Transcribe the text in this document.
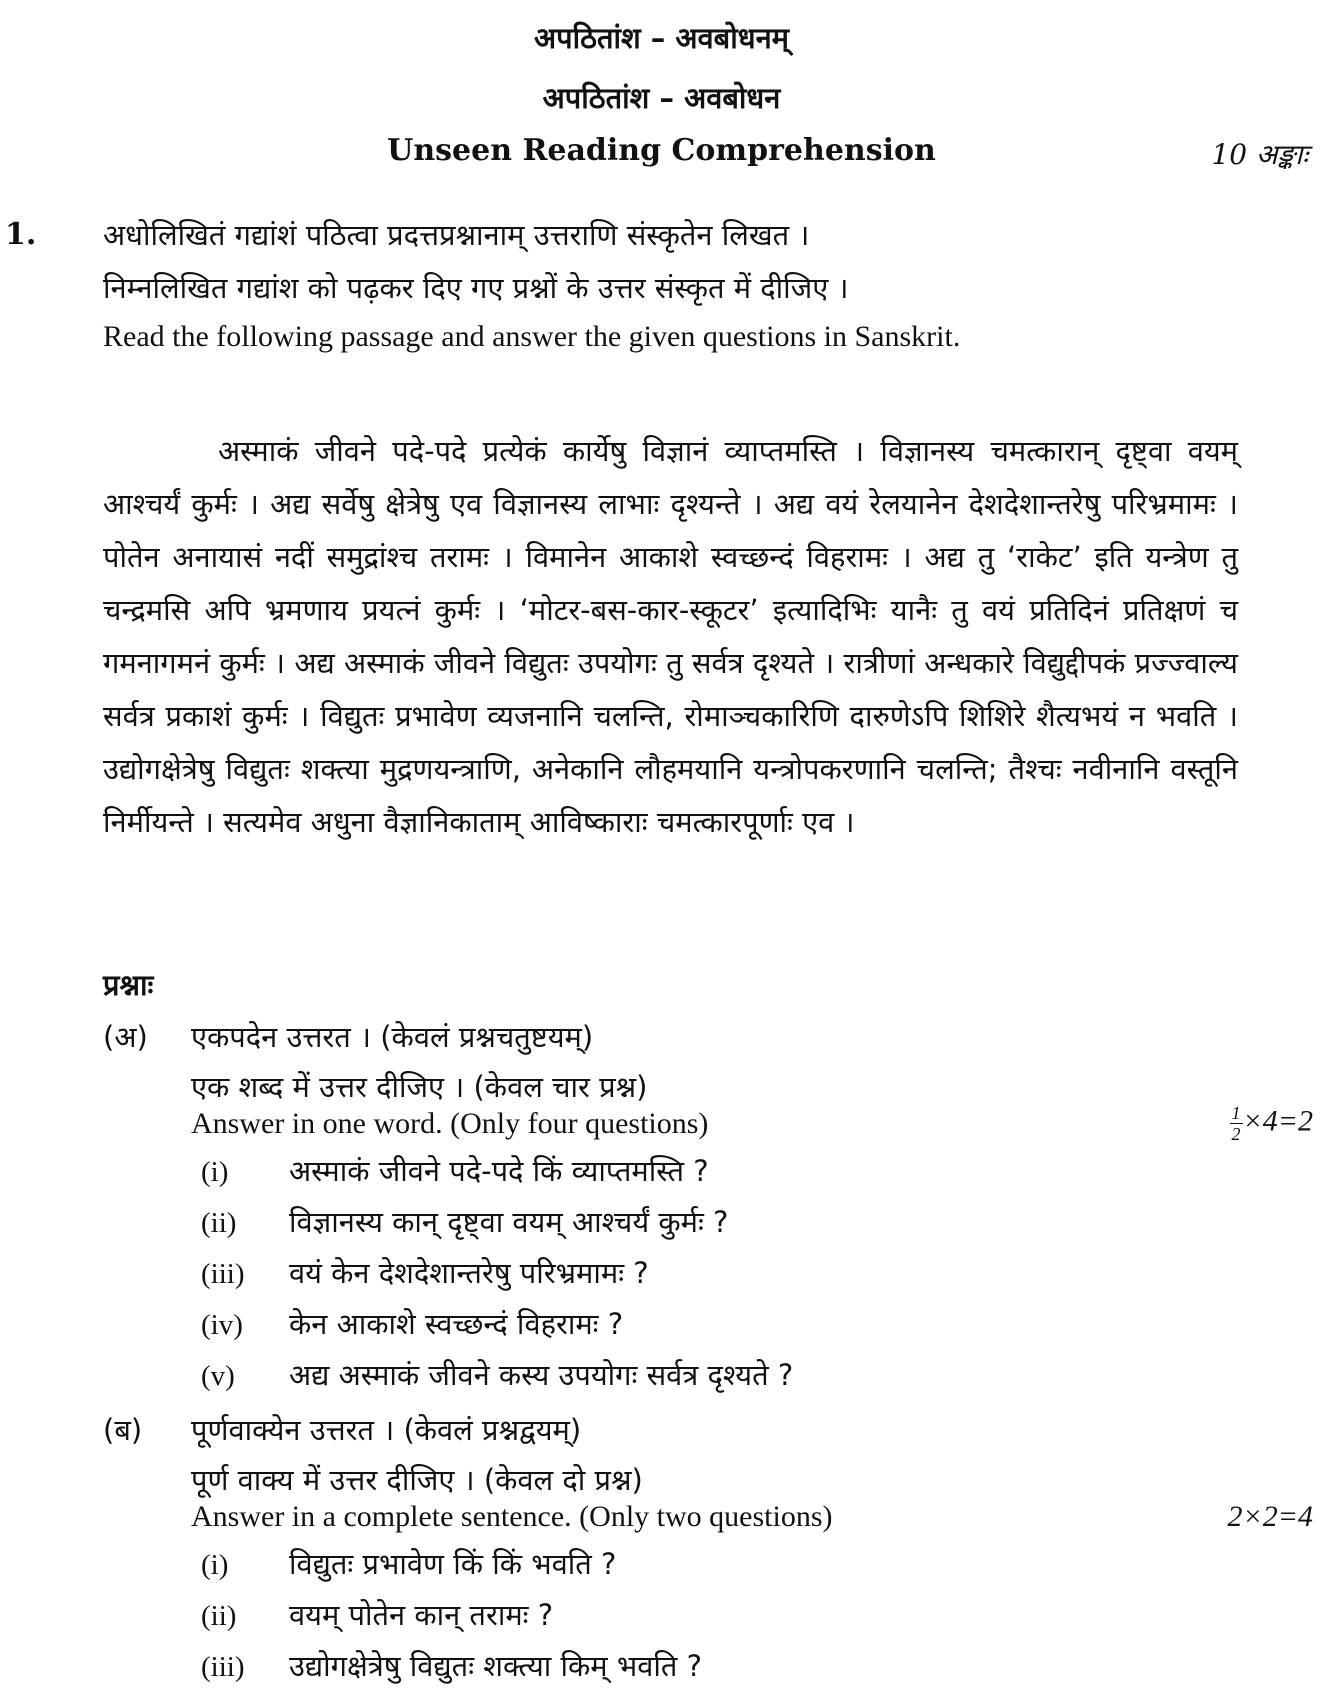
अपठितांश – अवबोधनम्
अपठितांश – अवबोधन
Unseen Reading Comprehension	10 अङ्काः
1. अधोलिखितं गद्यांशं पठित्वा प्रदत्तप्रश्नानाम् उत्तराणि संस्कृतेन लिखत ।
निम्नलिखित गद्यांश को पढ़कर दिए गए प्रश्नों के उत्तर संस्कृत में दीजिए ।
Read the following passage and answer the given questions in Sanskrit.
अस्माकं जीवने पदे-पदे प्रत्येकं कार्येषु विज्ञानं व्याप्तमस्ति । विज्ञानस्य चमत्कारान् दृष्ट्वा वयम् आश्चर्यं कुर्मः । अद्य सर्वेषु क्षेत्रेषु एव विज्ञानस्य लाभाः दृश्यन्ते । अद्य वयं रेलयानेन देशदेशान्तरेषु परिभ्रमामः । पोतेन अनायासं नदीं समुद्रांश्च तरामः । विमानेन आकाशे स्वच्छन्दं विहरामः । अद्य तु ‘राकेट’ इति यन्त्रेण तु चन्द्रमसि अपि भ्रमणाय प्रयत्नं कुर्मः । ‘मोटर-बस-कार-स्कूटर’ इत्यादिभिः यानैः तु वयं प्रतिदिनं प्रतिक्षणं च गमनागमनं कुर्मः । अद्य अस्माकं जीवने विद्युतः उपयोगः तु सर्वत्र दृश्यते । रात्रीणां अन्धकारे विद्युद्दीपकं प्रज्ज्वाल्य सर्वत्र प्रकाशं कुर्मः । विद्युतः प्रभावेण व्यजनानि चलन्ति, रोमाञ्चकारिणि दारुणेऽपि शिशिरे शैत्यभयं न भवति । उद्योगक्षेत्रेषु विद्युतः शक्त्या मुद्रणयन्त्राणि, अनेकानि लौहमयानि यन्त्रोपकरणानि चलन्ति; तैश्चः नवीनानि वस्तूनि निर्मीयन्ते । सत्यमेव अधुना वैज्ञानिकाताम् आविष्काराः चमत्कारपूर्णाः एव ।
प्रश्नाः
(अ)	एकपदेन उत्तरत । (केवलं प्रश्नचतुष्टयम्)
एक शब्द में उत्तर दीजिए । (केवल चार प्रश्न)
Answer in one word. (Only four questions)	$\frac{1}{2} \times 4=2$
(i)	अस्माकं जीवने पदे-पदे किं व्याप्तमस्ति ?
(ii)	विज्ञानस्य कान् दृष्ट्वा वयम् आश्चर्यं कुर्मः ?
(iii)	वयं केन देशदेशान्तरेषु परिभ्रमामः ?
(iv)	केन आकाशे स्वच्छन्दं विहरामः ?
(v)	अद्य अस्माकं जीवने कस्य उपयोगः सर्वत्र दृश्यते ?
(ब)	पूर्णवाक्येन उत्तरत । (केवलं प्रश्नद्वयम्)
पूर्ण वाक्य में उत्तर दीजिए । (केवल दो प्रश्न)
Answer in a complete sentence. (Only two questions)	2×2=4
(i)	विद्युतः प्रभावेण किं किं भवति ?
(ii)	वयम् पोतेन कान् तरामः ?
(iii)	उद्योगक्षेत्रेषु विद्युतः शक्त्या किम् भवति ?
